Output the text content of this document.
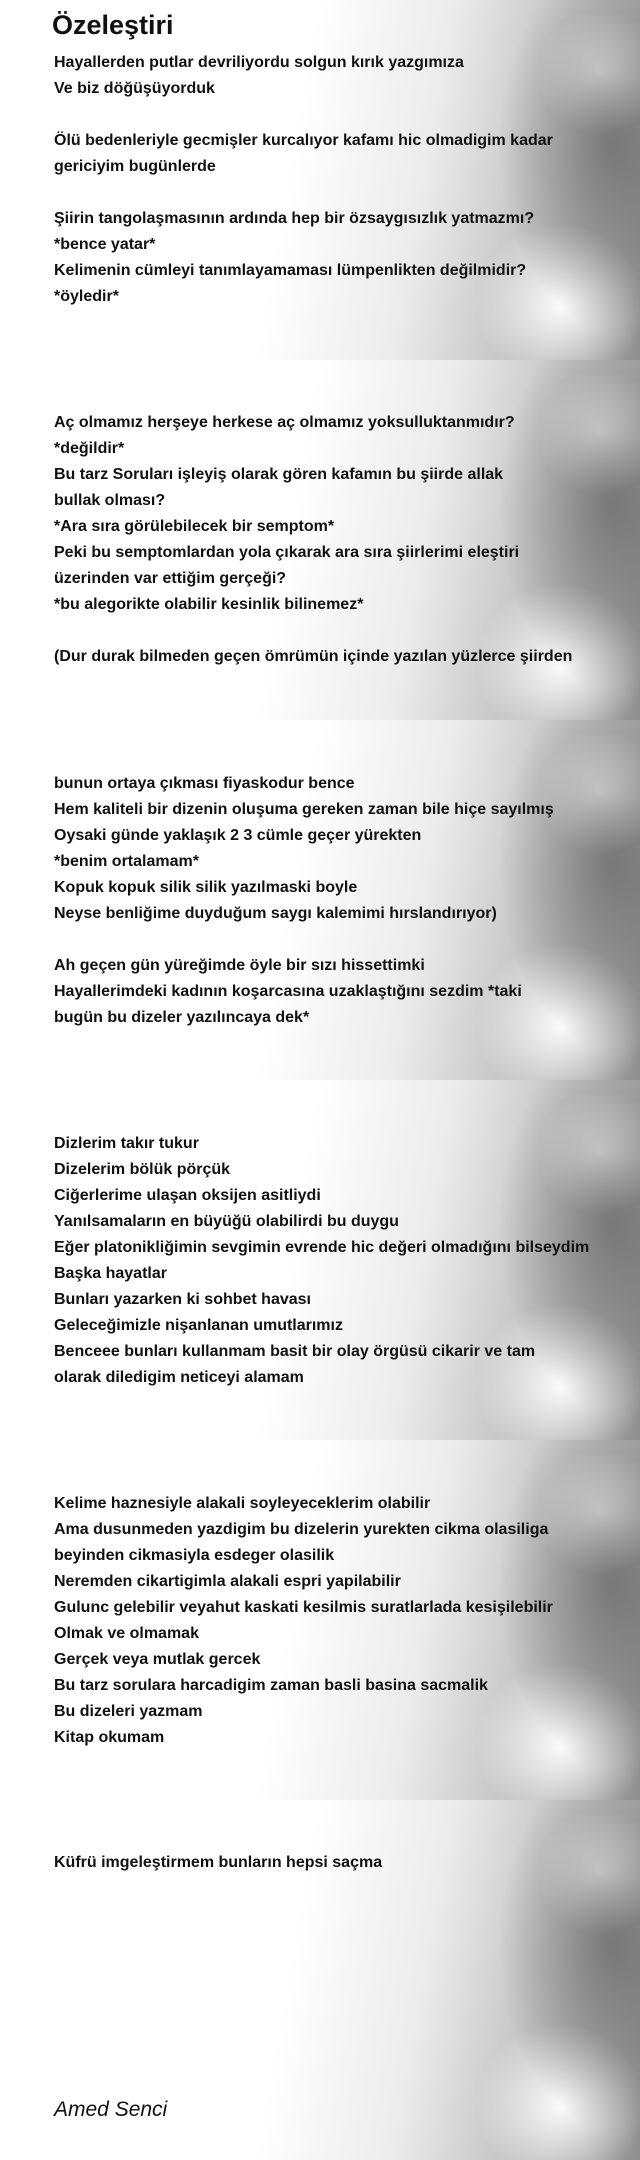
Özeleştiri
Hayallerden putlar devriliyordu solgun kırık yazgımıza
Ve biz döğüşüyorduk
Ölü bedenleriyle gecmişler kurcalıyor kafamı hic olmadigim kadar
gericiyim bugünlerde
Şiirin tangolaşmasının ardında hep bir özsaygısızlık yatmazmı?
*bence yatar*
Kelimenin cümleyi tanımlayamaması lümpenlikten değilmidir?
*öyledir*
Aç olmamız herşeye herkese aç olmamız yoksulluktanmıdır?
*değildir*
Bu tarz Soruları işleyiş olarak gören kafamın bu şiirde allak
bullak olması?
*Ara sıra görülebilecek bir semptom*
Peki bu semptomlardan yola çıkarak ara sıra şiirlerimi eleştiri
üzerinden var ettiğim gerçeği?
*bu alegorikte olabilir kesinlik bilinemez*
(Dur durak bilmeden geçen ömrümün içinde yazılan yüzlerce şiirden
bunun ortaya çıkması fiyaskodur bence
Hem kaliteli bir dizenin oluşuma gereken zaman bile hiçe sayılmış
Oysaki günde yaklaşık 2 3 cümle geçer yürekten
*benim ortalamam*
Kopuk kopuk silik silik yazılmaski boyle
Neyse benliğime duyduğum saygı kalemimi hırslandırıyor)
Ah geçen gün yüreğimde öyle bir sızı hissettimki
Hayallerimdeki kadının koşarcasına uzaklaştığını sezdim *taki
bugün bu dizeler yazılıncaya dek*
Dizlerim takır tukur
Dizelerim bölük pörçük
Ciğerlerime ulaşan oksijen asitliydi
Yanılsamaların en büyüğü olabilirdi bu duygu
Eğer platonikliğimin sevgimin evrende hic değeri olmadığını bilseydim
Başka hayatlar
Bunları yazarken ki sohbet havası
Geleceğimizle nişanlanan umutlarımız
Benceee bunları kullanmam basit bir olay örgüsü cikarir ve tam
olarak diledigim neticeyi alamam
Kelime haznesiyle alakali soyleyeceklerim olabilir
Ama dusunmeden yazdigim bu dizelerin yurekten cikma olasiliga
beyinden cikmasiyla esdeger olasilik
Neremden cikartigimla alakali espri yapilabilir
Gulunc gelebilir veyahut kaskati kesilmis suratlarlada kesişilebilir
Olmak ve olmamak
Gerçek veya mutlak gercek
Bu tarz sorulara harcadigim zaman basli basina sacmalik
Bu dizeleri yazmam
Kitap okumam
Küfrü imgeleştirmem bunların hepsi saçma
Amed Senci
